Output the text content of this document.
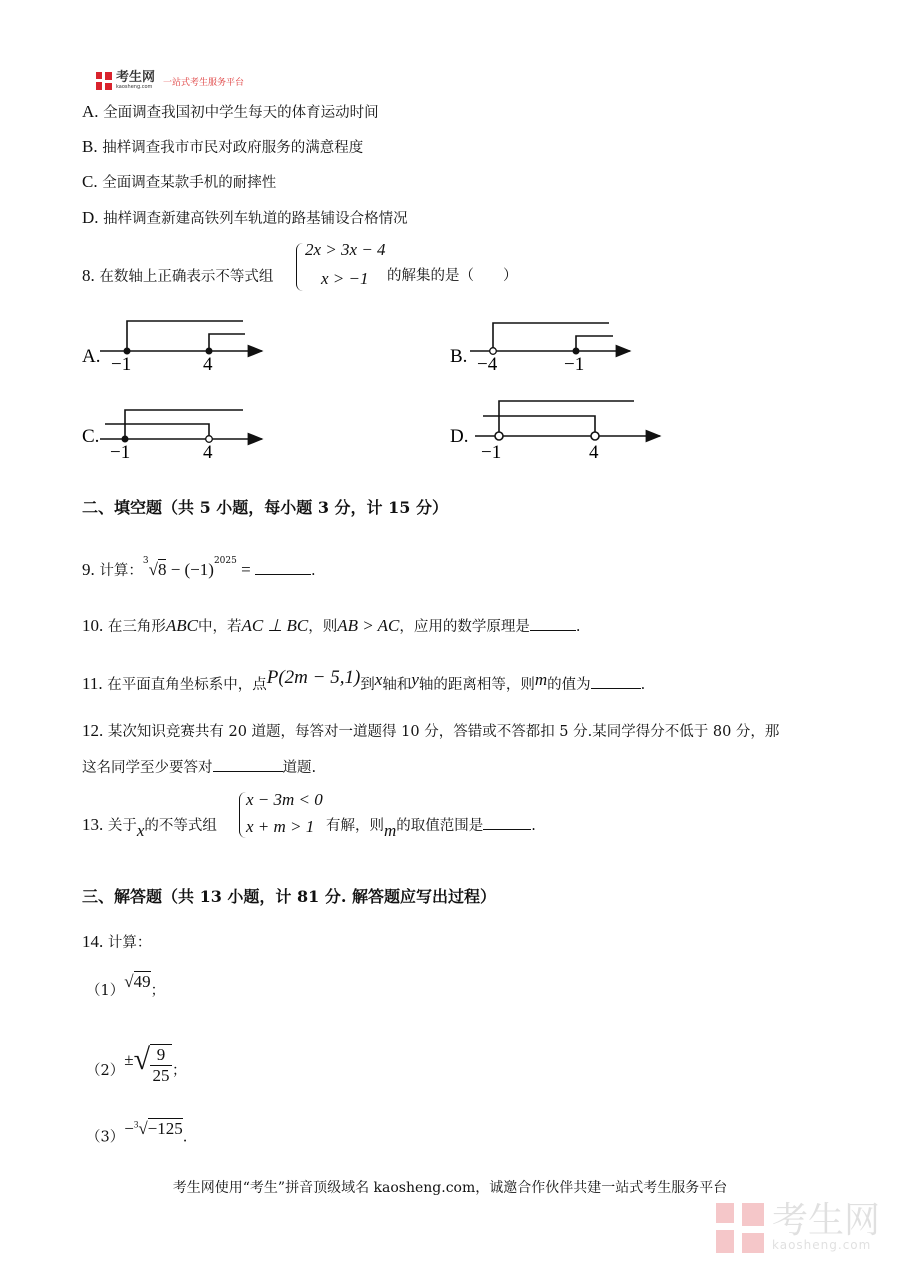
考生网
kaosheng.com 一站式考生服务平台
A. 全面调查我国初中学生每天的体育运动时间
B. 抽样调查我市市民对政府服务的满意程度
C. 全面调查某款手机的耐摔性
D. 抽样调查新建高铁列车轨道的路基铺设合格情况
8. 在数轴上正确表示不等式组
2x > 3x − 4
x > −1 的解集的是（　　）
A. −1	4	B. −4	−1
C.
−1	4
D.
−1	4
二、填空题（共 5 小题，每小题 3 分，计 15 分）
9. 计算：$^3√8 - (-1)^{2025}$ =	.
10. 在三角形ABC中，若AC ⊥ BC，则AB > AC，应用的数学原理是	.
11. 在平面直角坐标系中，点P(2m − 5,1)到x轴和y轴的距离相等，则m的值为	.
12. 某次知识竞赛共有 20 道题，每答对一道题得 10 分，答错或不答都扣 5 分.某同学得分不低于 80 分，那
这名同学至少要答对	道题.
13. 关于x的不等式组
x − 3m < 0
x + m > 1 有解，则m的取值范围是	.
三、解答题（共 13 小题，计 81 分. 解答题应写出过程）
14. 计算：
（1）√49；
$(2)\pm√ \frac{9}{25}$ ；
（3）−$^3$√−125.
考生网使用“考生”拼音顶级域名 kaosheng.com，诚邀合作伙伴共建一站式考生服务平台
考生网
kaosheng.com
